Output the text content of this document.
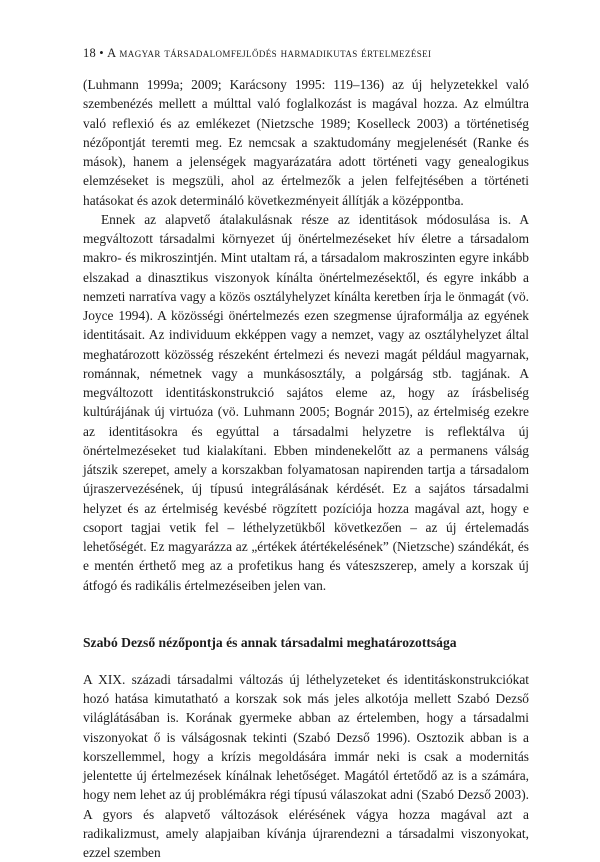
18 • A magyar társadalomfejlődés harmadikutas értelmezései

(Luhmann 1999a; 2009; Karácsony 1995: 119–136) az új helyzetekkel való szembenézés mellett a múlttal való foglalkozást is magával hozza. Az elmúltra való reflexió és az emlékezet (Nietzsche 1989; Koselleck 2003) a történetiség nézőpontját teremti meg. Ez nemcsak a szaktudomány megjelenését (Ranke és mások), hanem a jelenségek magyarázatára adott történeti vagy genealogikus elemzéseket is megszüli, ahol az értelmezők a jelen felfejtésében a történeti hatásokat és azok determináló következményeit állítják a középpontba.

Ennek az alapvető átalakulásnak része az identitások módosulása is. A megváltozott társadalmi környezet új önértelmezéseket hív életre a társadalom makro- és mikroszintjén. Mint utaltam rá, a társadalom makroszinten egyre inkább elszakad a dinasztikus viszonyok kínálta önértelmezésektől, és egyre inkább a nemzeti narratíva vagy a közös osztályhelyzet kínálta keretben írja le önmagát (vö. Joyce 1994). A közösségi önértelmezés ezen szegmense újraformálja az egyének identitásait. Az individuum ekképpen vagy a nemzet, vagy az osztályhelyzet által meghatározott közösség részeként értelmezi és nevezi magát például magyarnak, románnak, németnek vagy a munkásosztály, a polgárság stb. tagjának. A megváltozott identitáskonstrukció sajátos eleme az, hogy az írásbeliség kultúrájának új virtuóza (vö. Luhmann 2005; Bognár 2015), az értelmiség ezekre az identitásokra és egyúttal a társadalmi helyzetre is reflektálva új önértelmezéseket tud kialakítani. Ebben mindenekelőtt az a permanens válság játszik szerepet, amely a korszakban folyamatosan napirenden tartja a társadalom újraszervezésének, új típusú integrálásának kérdését. Ez a sajátos társadalmi helyzet és az értelmiség kevésbé rögzített pozíciója hozza magával azt, hogy e csoport tagjai vetik fel – léthelyzetükből következően – az új értelemadás lehetőségét. Ez magyarázza az „értékek átértékelésének” (Nietzsche) szándékát, és e mentén érthető meg az a profetikus hang és váteszszerep, amely a korszak új átfogó és radikális értelmezéseiben jelen van.

Szabó Dezső nézőpontja és annak társadalmi meghatározottsága

A XIX. századi társadalmi változás új léthelyzeteket és identitáskonstrukciókat hozó hatása kimutatható a korszak sok más jeles alkotója mellett Szabó Dezső világlátásában is. Korának gyermeke abban az értelemben, hogy a társadalmi viszonyokat ő is válságosnak tekinti (Szabó Dezső 1996). Osztozik abban is a korszellemmel, hogy a krízis megoldására immár neki is csak a modernitás jelentette új értelmezések kínálnak lehetőséget. Magától értetődő az is a számára, hogy nem lehet az új problémákra régi típusú válaszokat adni (Szabó Dezső 2003). A gyors és alapvető változások elérésének vágya hozza magával azt a radikalizmust, amely alapjaiban kívánja újrarendezni a társadalmi viszonyokat, ezzel szemben
